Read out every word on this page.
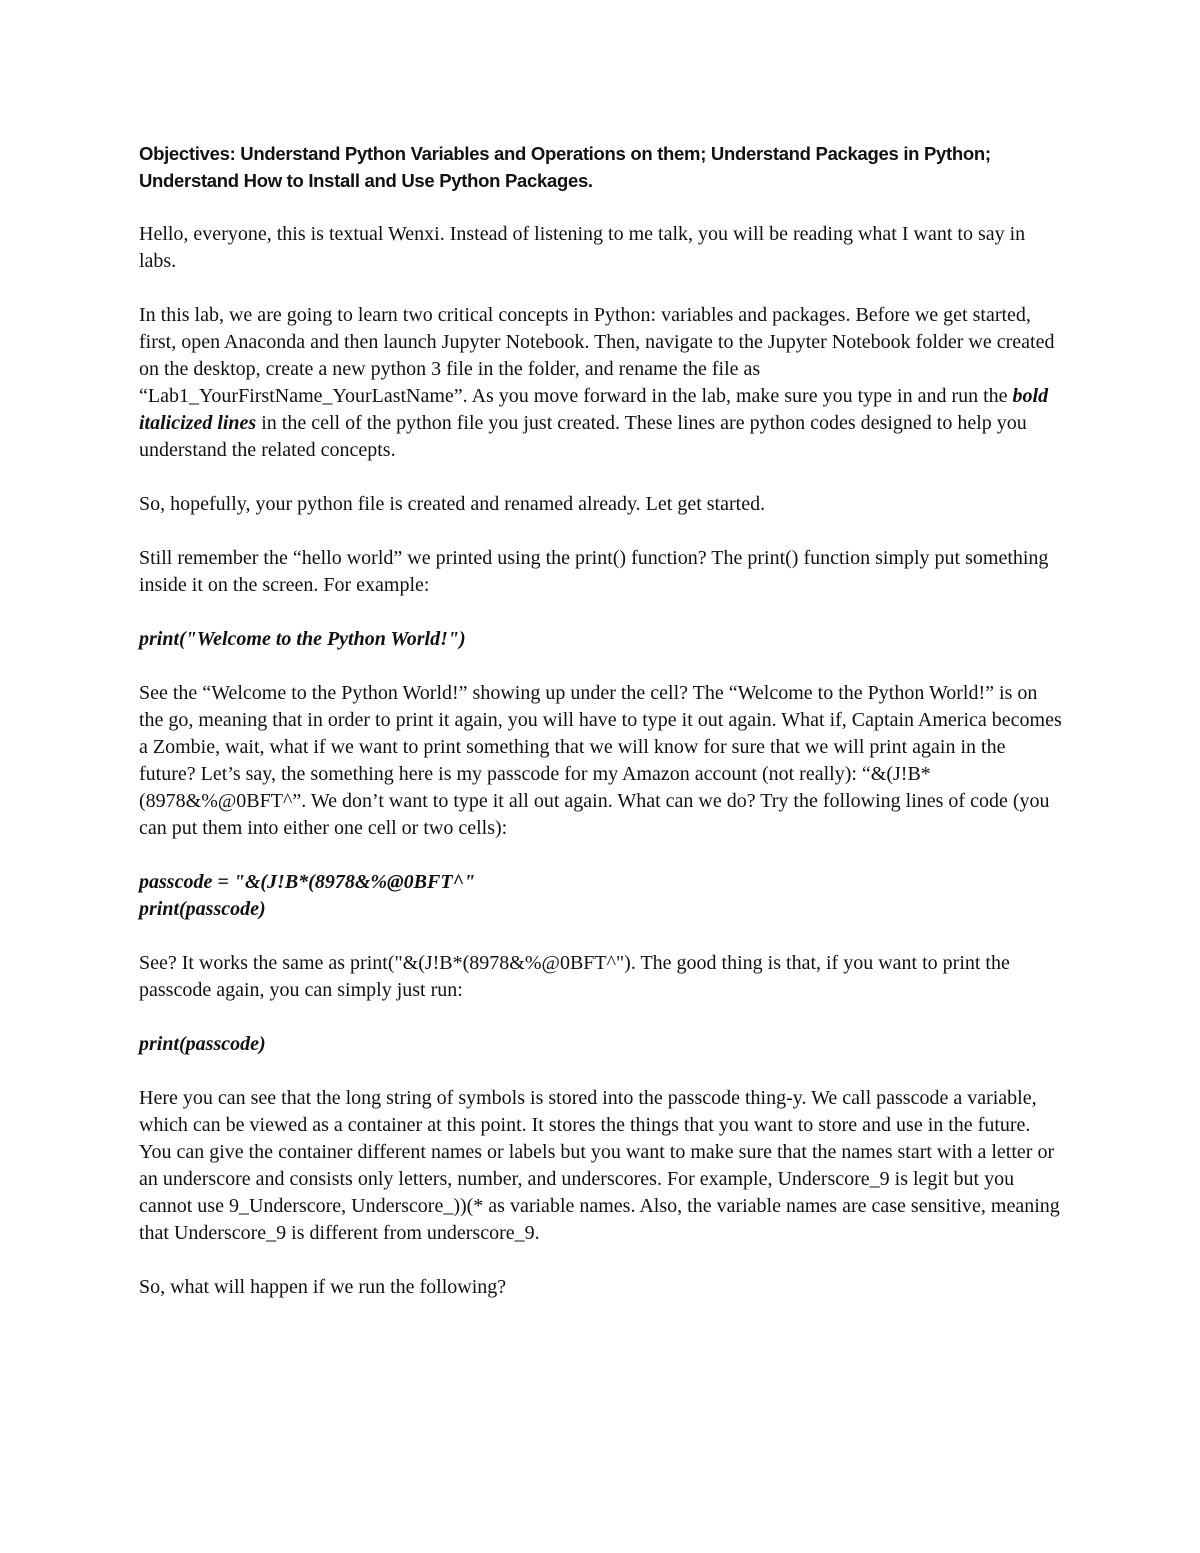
Objectives: Understand Python Variables and Operations on them; Understand Packages in Python; Understand How to Install and Use Python Packages.

Hello, everyone, this is textual Wenxi. Instead of listening to me talk, you will be reading what I want to say in labs.

In this lab, we are going to learn two critical concepts in Python: variables and packages. Before we get started, first, open Anaconda and then launch Jupyter Notebook. Then, navigate to the Jupyter Notebook folder we created on the desktop, create a new python 3 file in the folder, and rename the file as “Lab1_YourFirstName_YourLastName”. As you move forward in the lab, make sure you type in and run the bold italicized lines in the cell of the python file you just created. These lines are python codes designed to help you understand the related concepts.

So, hopefully, your python file is created and renamed already. Let get started.

Still remember the “hello world” we printed using the print() function? The print() function simply put something inside it on the screen. For example:

print("Welcome to the Python World!")

See the “Welcome to the Python World!” showing up under the cell? The “Welcome to the Python World!” is on the go, meaning that in order to print it again, you will have to type it out again. What if, Captain America becomes a Zombie, wait, what if we want to print something that we will know for sure that we will print again in the future? Let’s say, the something here is my passcode for my Amazon account (not really): “&(J!B*(8978&%@0BFT^”. We don’t want to type it all out again. What can we do? Try the following lines of code (you can put them into either one cell or two cells):

passcode = "&(J!B*(8978&%@0BFT^"
print(passcode)

See? It works the same as print("&(J!B*(8978&%@0BFT^"). The good thing is that, if you want to print the passcode again, you can simply just run:

print(passcode)

Here you can see that the long string of symbols is stored into the passcode thing-y. We call passcode a variable, which can be viewed as a container at this point. It stores the things that you want to store and use in the future. You can give the container different names or labels but you want to make sure that the names start with a letter or an underscore and consists only letters, number, and underscores. For example, Underscore_9 is legit but you cannot use 9_Underscore, Underscore_))(* as variable names. Also, the variable names are case sensitive, meaning that Underscore_9 is different from underscore_9.

So, what will happen if we run the following?
